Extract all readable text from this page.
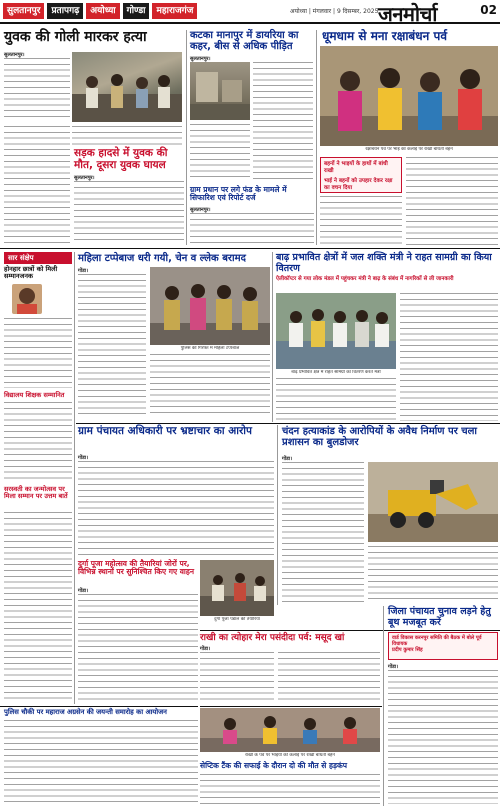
सुलतानपुर	प्रतापगढ़	अयोध्या	गोण्डा	महाराजगंज	अयोध्या | मंगलवार | 9 दिसम्बर, 2025 जनमोर्चा	02
युवक की गोली मारकर हत्या
सुलतानपुर।
कटका मानापुर में डायरिया का कहर, बीस से अधिक पीड़ित
सुलतानपुर।
धूमधाम से मना रक्षाबंधन पर्व
रक्षाबंधन पर्व पर भाई की कलाई पर राखी बांधती बहनें
बहनों ने भाइयों के हाथों में बांधी राखी
भाई ने बहनों को उपहार देकर रक्षा का वचन दिया
सड़क हादसे में युवक की मौत, दूसरा युवक घायल
सुलतानपुर।
ग्राम प्रधान पर लगे फंड के मामले में सिफारिश एवं रिपोर्ट दर्ज
सुलतानपुर।
सार संक्षेप
होनहार छात्रों को मिली सम्मानजनक
विद्यालय शिक्षक सम्मानित
सरस्वती का जन्मोत्सव पर मिला सम्मान पर उत्तम बातें
महिला टप्पेबाज धरी गयी, चेन व ल्लेक बरामद
पुलिस की गिरफ्त में महिला टप्पेबाज
गोंडा।
बाढ़ प्रभावित क्षेत्रों में जल शक्ति मंत्री ने राहत सामग्री का किया वितरण
ऐलीकॉप्टर से गया लोक मंडल में पहुंचकर मंत्री ने बाढ़ के संबंध में नागरिकों से ली जानकारी
बाढ़ प्रभावित क्षेत्र में राहत सामग्री का वितरण करते मंत्री
ग्राम पंचायत अधिकारी पर भ्रष्टाचार का आरोप
गोंडा।
चंदन हत्याकांड के आरोपियों के अवैध निर्माण पर चला प्रशासन का बुलडोजर
गोंडा।
दुर्गा पूजा महोत्सव की तैयारियां जोरों पर, विभिन्न स्थानों पर सुनिश्चित किए गए वाहन
गोंडा।
दुर्गा पूजा पंडाल की तैयारियां
राखी का त्योहार मेरा पसंदीदा पर्व: मसूद खां
गोंडा।
जिला पंचायत चुनाव लड़ने हेतु बूथ मजबूत करें
वार्ड विकास करनपुर समिति की बैठक में बोले पूर्व विधायक
प्रदीप कुमार सिंह
गोंडा।
राखी के पर्व पर भाइयों की कलाई पर राखी बांधती बहनें
सेप्टिक टैंक की सफाई के दौरान दो की मौत से हड़कंप
पुलिस चौकी पर महाराज अग्रसेन की जयन्ती समारोह का आयोजन
